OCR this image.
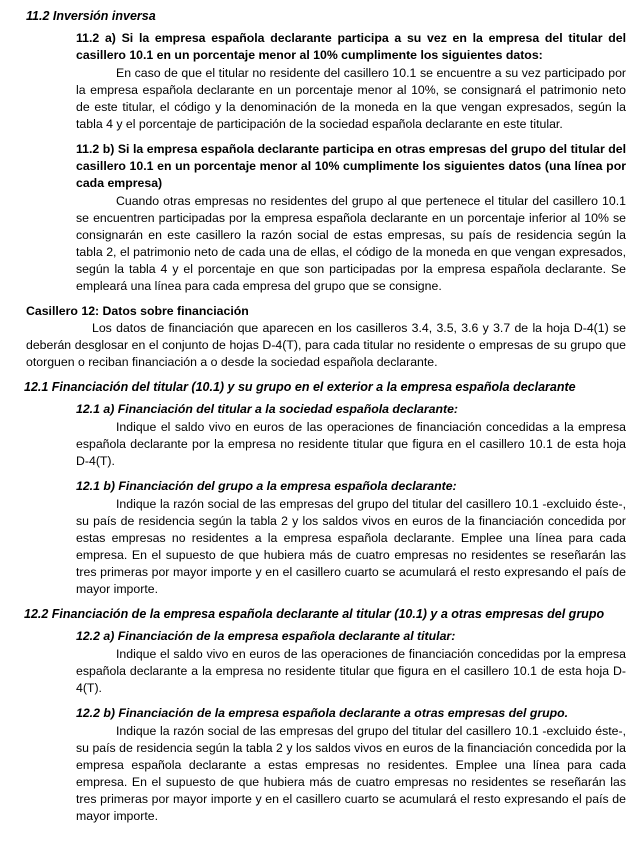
11.2 Inversión inversa
11.2 a) Si la empresa española declarante participa a su vez en la empresa del titular del casillero 10.1 en un porcentaje menor al 10% cumplimente los siguientes datos:
En caso de que el titular no residente del casillero 10.1 se encuentre a su vez participado por la empresa española declarante en un porcentaje menor al 10%, se consignará el patrimonio neto de este titular, el código y la denominación de la moneda en la que vengan expresados, según la tabla 4 y el porcentaje de participación de la sociedad española declarante en este titular.
11.2 b) Si la empresa española declarante participa en otras empresas del grupo del titular del casillero 10.1 en un porcentaje menor al 10% cumplimente los siguientes datos (una línea por cada empresa)
Cuando otras empresas no residentes del grupo al que pertenece el titular del casillero 10.1 se encuentren participadas por la empresa española declarante en un porcentaje inferior al 10% se consignarán en este casillero la razón social de estas empresas, su país de residencia según la tabla 2, el patrimonio neto de cada una de ellas, el código de la moneda en que vengan expresados, según la tabla 4 y el porcentaje en que son participadas por la empresa española declarante. Se empleará una línea para cada empresa del grupo que se consigne.
Casillero 12: Datos sobre financiación
Los datos de financiación que aparecen en los casilleros 3.4, 3.5, 3.6 y 3.7 de la hoja D-4(1) se deberán desglosar en el conjunto de hojas D-4(T), para cada titular no residente o empresas de su grupo que otorguen o reciban financiación a o desde la sociedad española declarante.
12.1 Financiación del titular (10.1) y su grupo en el exterior a la empresa española declarante
12.1 a) Financiación del titular a la sociedad española declarante:
Indique el saldo vivo en euros de las operaciones de financiación concedidas a la empresa española declarante por la empresa no residente titular que figura en el casillero 10.1 de esta hoja D-4(T).
12.1 b) Financiación del grupo a la empresa española declarante:
Indique la razón social de las empresas del grupo del titular del casillero 10.1 -excluido éste-, su país de residencia según la tabla 2 y los saldos vivos en euros de la financiación concedida por estas empresas no residentes a la empresa española declarante. Emplee una línea para cada empresa. En el supuesto de que hubiera más de cuatro empresas no residentes se reseñarán las tres primeras por mayor importe y en el casillero cuarto se acumulará el resto expresando el país de mayor importe.
12.2 Financiación de la empresa española declarante al titular (10.1) y a otras empresas del grupo
12.2 a) Financiación de la empresa española declarante al titular:
Indique el saldo vivo en euros de las operaciones de financiación concedidas por la empresa española declarante a la empresa no residente titular que figura en el casillero 10.1 de esta hoja D-4(T).
12.2 b) Financiación de la empresa española declarante a otras empresas del grupo.
Indique la razón social de las empresas del grupo del titular del casillero 10.1 -excluido éste-, su país de residencia según la tabla 2 y los saldos vivos en euros de la financiación concedida por la empresa española declarante a estas empresas no residentes. Emplee una línea para cada empresa. En el supuesto de que hubiera más de cuatro empresas no residentes se reseñarán las tres primeras por mayor importe y en el casillero cuarto se acumulará el resto expresando el país de mayor importe.
